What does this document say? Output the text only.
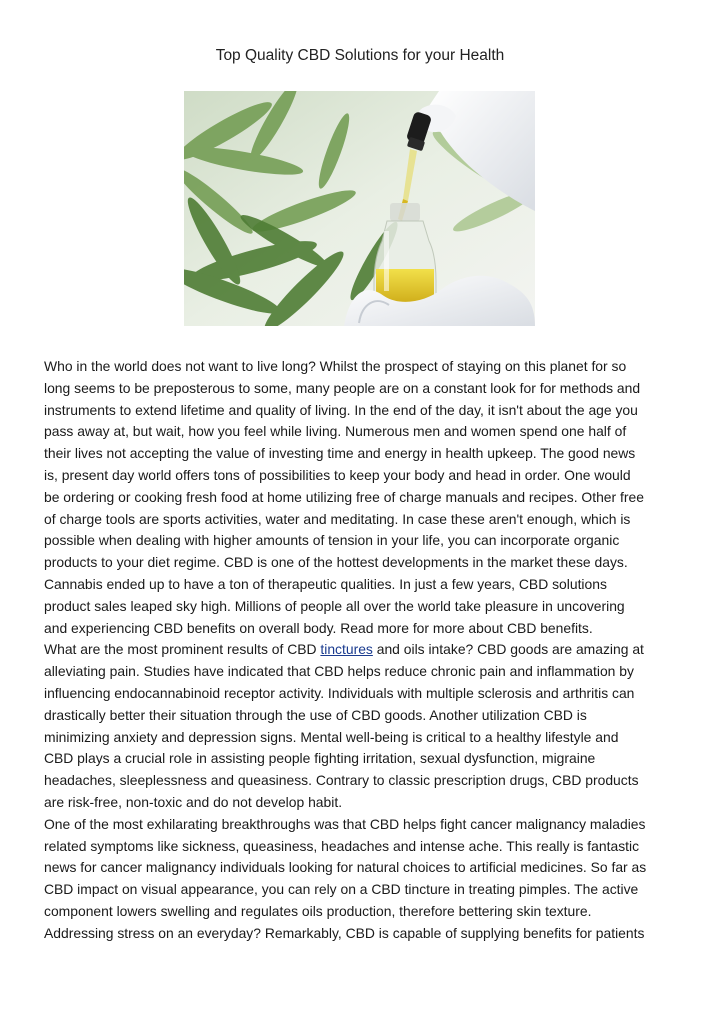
Top Quality CBD Solutions for your Health
Who in the world does not want to live long? Whilst the prospect of staying on this planet for so
long seems to be preposterous to some, many people are on a constant look for for methods and
instruments to extend lifetime and quality of living. In the end of the day, it isn't about the age you
pass away at, but wait, how you feel while living. Numerous men and women spend one half of
their lives not accepting the value of investing time and energy in health upkeep. The good news
is, present day world offers tons of possibilities to keep your body and head in order. One would
be ordering or cooking fresh food at home utilizing free of charge manuals and recipes. Other free
of charge tools are sports activities, water and meditating. In case these aren't enough, which is
possible when dealing with higher amounts of tension in your life, you can incorporate organic
products to your diet regime. CBD is one of the hottest developments in the market these days.
Cannabis ended up to have a ton of therapeutic qualities. In just a few years, CBD solutions
product sales leaped sky high. Millions of people all over the world take pleasure in uncovering
and experiencing CBD benefits on overall body. Read more for more about CBD benefits.
What are the most prominent results of CBD tinctures and oils intake? CBD goods are amazing at
alleviating pain. Studies have indicated that CBD helps reduce chronic pain and inflammation by
influencing endocannabinoid receptor activity. Individuals with multiple sclerosis and arthritis can
drastically better their situation through the use of CBD goods. Another utilization CBD is
minimizing anxiety and depression signs. Mental well-being is critical to a healthy lifestyle and
CBD plays a crucial role in assisting people fighting irritation, sexual dysfunction, migraine
headaches, sleeplessness and queasiness. Contrary to classic prescription drugs, CBD products
are risk-free, non-toxic and do not develop habit.
One of the most exhilarating breakthroughs was that CBD helps fight cancer malignancy maladies
related symptoms like sickness, queasiness, headaches and intense ache. This really is fantastic
news for cancer malignancy individuals looking for natural choices to artificial medicines. So far as
CBD impact on visual appearance, you can rely on a CBD tincture in treating pimples. The active
component lowers swelling and regulates oils production, therefore bettering skin texture.
Addressing stress on an everyday? Remarkably, CBD is capable of supplying benefits for patients
